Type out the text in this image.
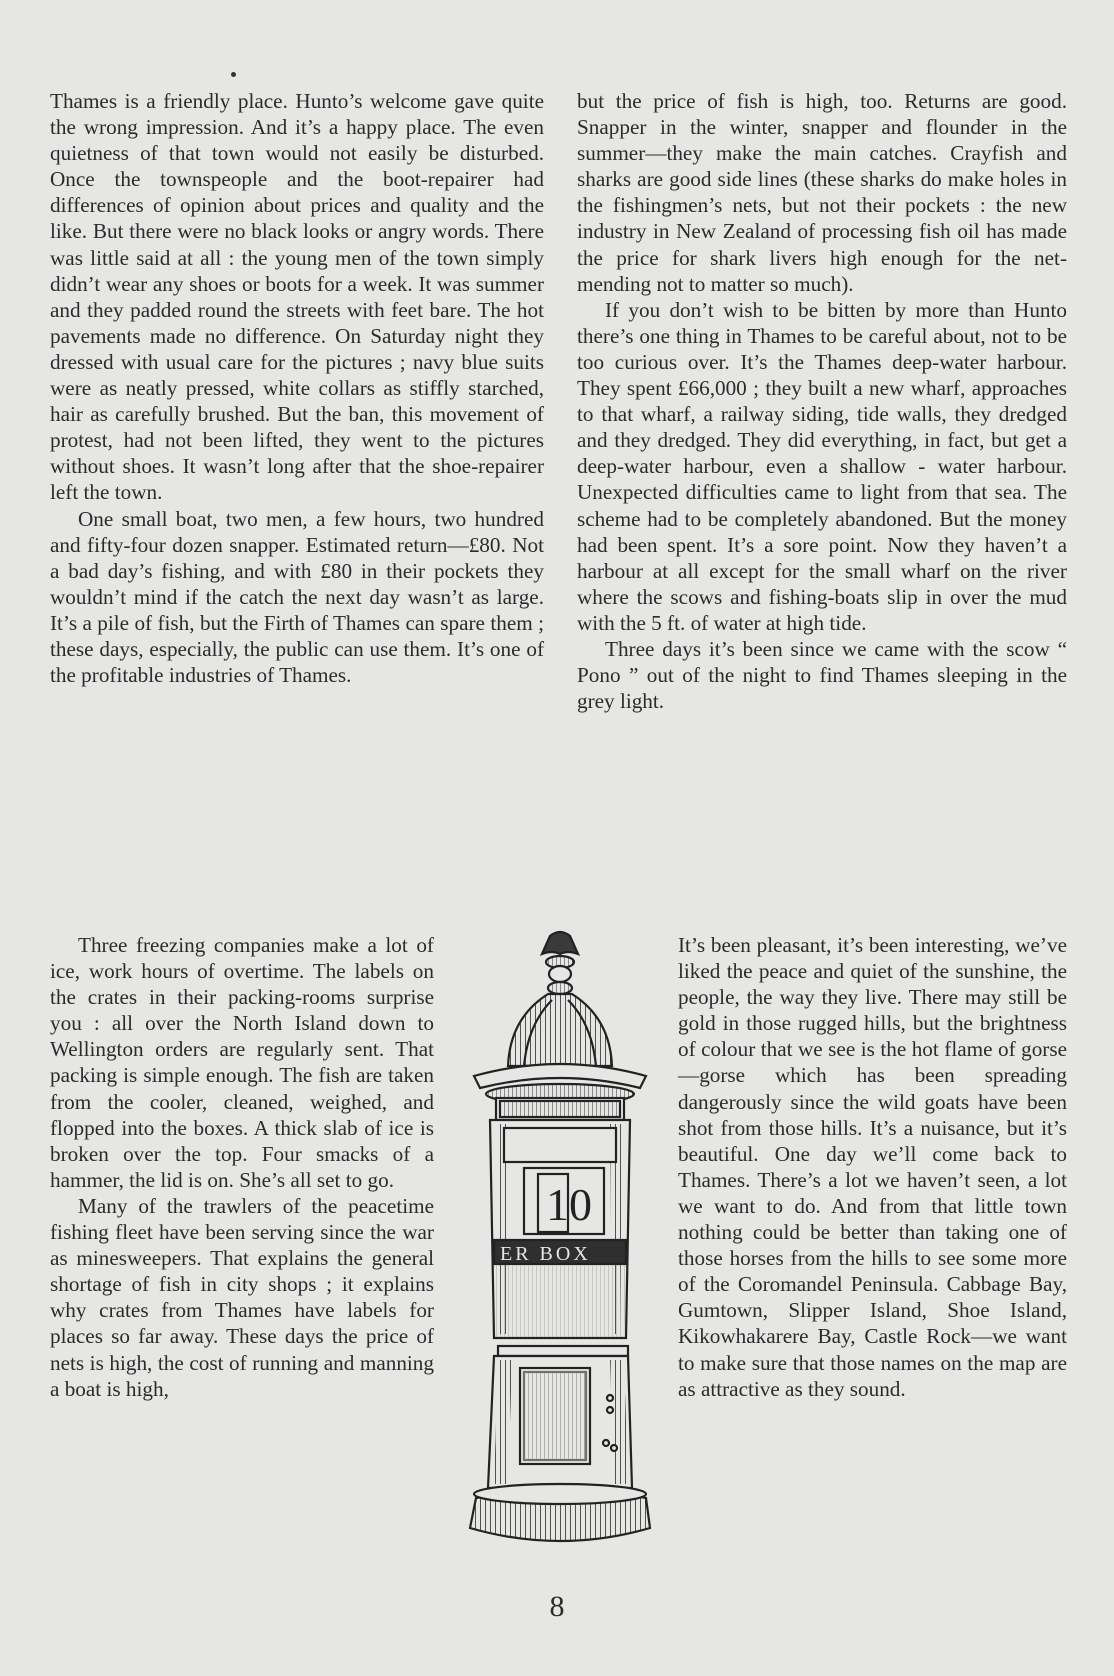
Thames is a friendly place. Hunto’s welcome gave quite the wrong impression. And it’s a happy place. The even quietness of that town would not easily be disturbed. Once the townspeople and the boot-repairer had differences of opinion about prices and quality and the like. But there were no black looks or angry words. There was little said at all : the young men of the town simply didn’t wear any shoes or boots for a week. It was summer and they padded round the streets with feet bare. The hot pavements made no difference. On Saturday night they dressed with usual care for the pictures ; navy blue suits were as neatly pressed, white collars as stiffly starched, hair as carefully brushed. But the ban, this movement of protest, had not been lifted, they went to the pictures without shoes. It wasn’t long after that the shoe-repairer left the town.

One small boat, two men, a few hours, two hundred and fifty-four dozen snapper. Estimated return—£80. Not a bad day’s fishing, and with £80 in their pockets they wouldn’t mind if the catch the next day wasn’t as large. It’s a pile of fish, but the Firth of Thames can spare them ; these days, especially, the public can use them. It’s one of the profitable industries of Thames.

Three freezing companies make a lot of ice, work hours of overtime. The labels on the crates in their packing-rooms surprise you : all over the North Island down to Wellington orders are regularly sent. That packing is simple enough. The fish are taken from the cooler, cleaned, weighed, and flopped into the boxes. A thick slab of ice is broken over the top. Four smacks of a hammer, the lid is on. She’s all set to go.

Many of the trawlers of the peacetime fishing fleet have been serving since the war as minesweepers. That explains the general shortage of fish in city shops ; it explains why crates from Thames have labels for places so far away. These days the price of nets is high, the cost of running and manning a boat is high,

but the price of fish is high, too. Returns are good. Snapper in the winter, snapper and flounder in the summer—they make the main catches. Crayfish and sharks are good side lines (these sharks do make holes in the fishingmen’s nets, but not their pockets : the new industry in New Zealand of processing fish oil has made the price for shark livers high enough for the net-mending not to matter so much).

If you don’t wish to be bitten by more than Hunto there’s one thing in Thames to be careful about, not to be too curious over. It’s the Thames deep-water harbour. They spent £66,000 ; they built a new wharf, approaches to that wharf, a railway siding, tide walls, they dredged and they dredged. They did everything, in fact, but get a deep-water harbour, even a shallow - water harbour. Unexpected difficulties came to light from that sea. The scheme had to be completely abandoned. But the money had been spent. It’s a sore point. Now they haven’t a harbour at all except for the small wharf on the river where the scows and fishing-boats slip in over the mud with the 5 ft. of water at high tide.

Three days it’s been since we came with the scow “ Pono ” out of the night to find Thames sleeping in the grey light.

It’s been pleasant, it’s been interesting, we’ve liked the peace and quiet of the sunshine, the people, the way they live. There may still be gold in those rugged hills, but the brightness of colour that we see is the hot flame of gorse—gorse which has been spreading dangerously since the wild goats have been shot from those hills. It’s a nuisance, but it’s beautiful. One day we’ll come back to Thames. There’s a lot we haven’t seen, a lot we want to do. And from that little town nothing could be better than taking one of those horses from the hills to see some more of the Coromandel Peninsula. Cabbage Bay, Gumtown, Slipper Island, Shoe Island, Kikowhakarere Bay, Castle Rock—we want to make sure that those names on the map are as attractive as they sound.

10
ER BOX
8
